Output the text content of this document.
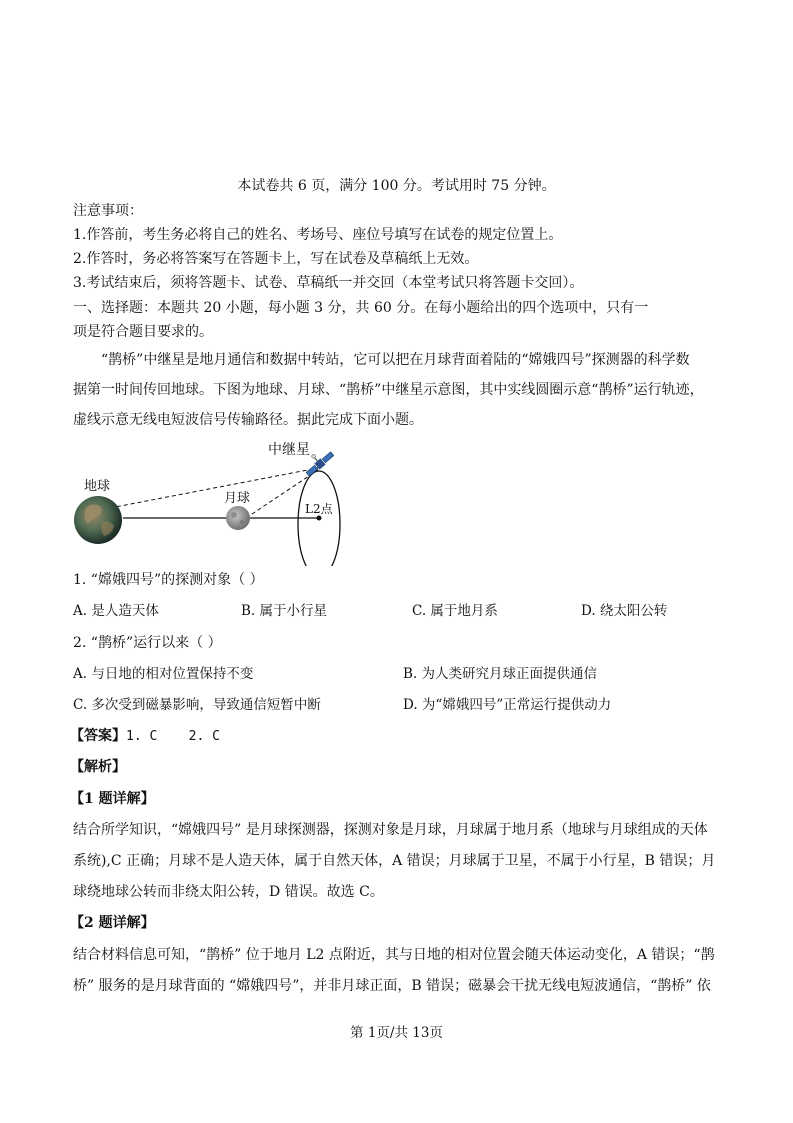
本试卷共 6 页，满分 100 分。考试用时 75 分钟。
注意事项：
1.作答前，考生务必将自己的姓名、考场号、座位号填写在试卷的规定位置上。
2.作答时，务必将答案写在答题卡上，写在试卷及草稿纸上无效。
3.考试结束后，须将答题卡、试卷、草稿纸一并交回（本堂考试只将答题卡交回）。
一、选择题：本题共 20 小题，每小题 3 分，共 60 分。在每小题给出的四个选项中，只有一
项是符合题目要求的。
“鹊桥”中继星是地月通信和数据中转站，它可以把在月球背面着陆的“嫦娥四号”探测器的科学数
据第一时间传回地球。下图为地球、月球、“鹊桥”中继星示意图，其中实线圆圈示意“鹊桥”运行轨迹，
虚线示意无线电短波信号传输路径。据此完成下面小题。
中继星
地球
月球
L2点
1. “嫦娥四号”的探测对象（ ）
A. 是人造天体	B. 属于小行星	C. 属于地月系	D. 绕太阳公转
2. “鹊桥”运行以来（ ）
A. 与日地的相对位置保持不变	B. 为人类研究月球正面提供通信
C. 多次受到磁暴影响，导致通信短暂中断	D. 为“嫦娥四号”正常运行提供动力
【答案】1. C    2. C
【解析】
【1 题详解】
结合所学知识，“嫦娥四号” 是月球探测器，探测对象是月球，月球属于地月系（地球与月球组成的天体
系统),C 正确；月球不是人造天体，属于自然天体，A 错误；月球属于卫星，不属于小行星，B 错误；月
球绕地球公转而非绕太阳公转，D 错误。故选 C。
【2 题详解】
结合材料信息可知，“鹊桥” 位于地月 L2 点附近，其与日地的相对位置会随天体运动变化，A 错误；“鹊
桥” 服务的是月球背面的 “嫦娥四号”，并非月球正面，B 错误；磁暴会干扰无线电短波通信，“鹊桥” 依
第 1页/共 13页
